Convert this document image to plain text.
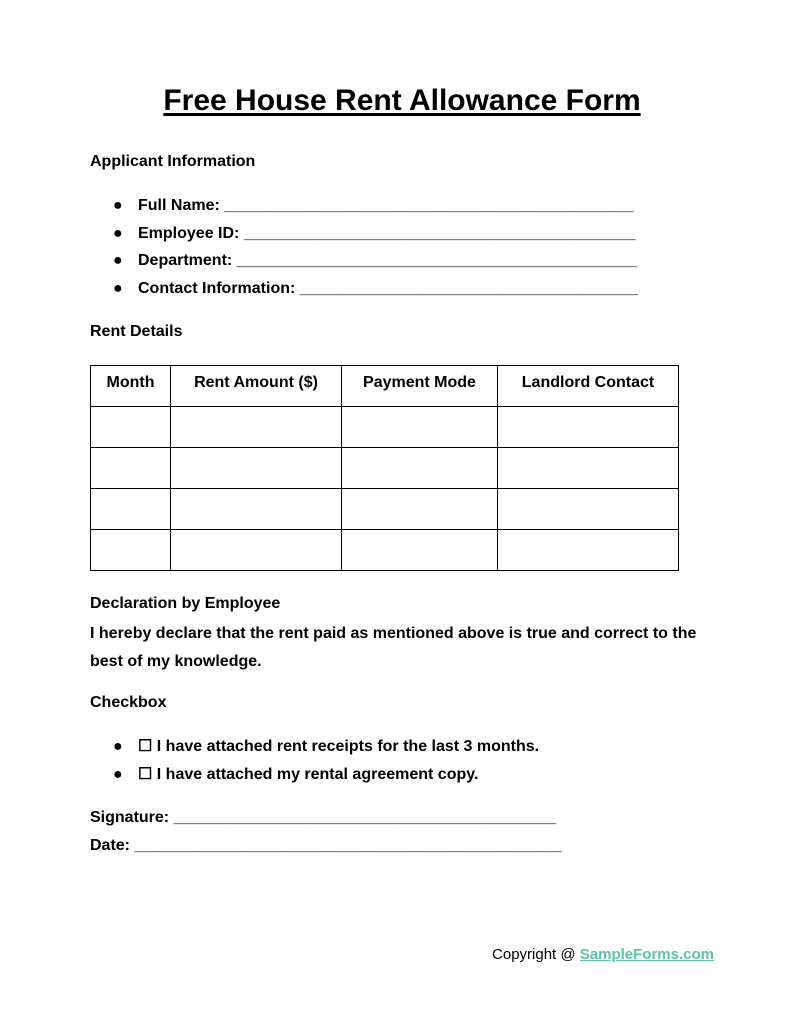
Free House Rent Allowance Form
Applicant Information
● Full Name: ______________________________________________
● Employee ID: ____________________________________________
● Department: _____________________________________________
● Contact Information: ______________________________________
Rent Details
Month	Rent Amount ($)	Payment Mode	Landlord Contact

Declaration by Employee

I hereby declare that the rent paid as mentioned above is true and correct to the best of my knowledge.

Checkbox
● ☐ I have attached rent receipts for the last 3 months.
● ☐ I have attached my rental agreement copy.
Signature: ___________________________________________
Date: ________________________________________________
Copyright @ SampleForms.com
